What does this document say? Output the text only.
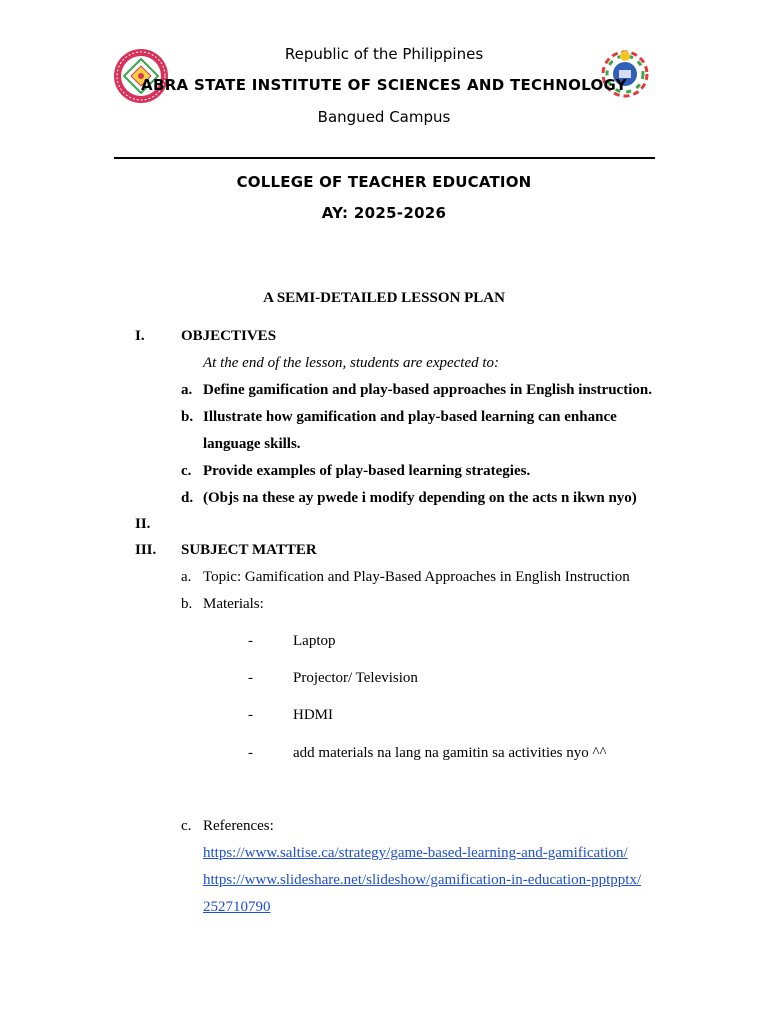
Republic of the Philippines
ABRA STATE INSTITUTE OF SCIENCES AND TECHNOLOGY
Bangued Campus
COLLEGE OF TEACHER EDUCATION
AY: 2025-2026
A SEMI-DETAILED LESSON PLAN
I. OBJECTIVES
At the end of the lesson, students are expected to:
a. Define gamification and play-based approaches in English instruction.
b. Illustrate how gamification and play-based learning can enhance
language skills.
c. Provide examples of play-based learning strategies.
d. (Objs na these ay pwede i modify depending on the acts n ikwn nyo)
II.
III. SUBJECT MATTER
a. Topic: Gamification and Play-Based Approaches in English Instruction
b. Materials:
-	Laptop
-	Projector/ Television
-	HDMI
-	add materials na lang na gamitin sa activities nyo ^^
c. References:
https://www.saltise.ca/strategy/game-based-learning-and-gamification/
https://www.slideshare.net/slideshow/gamification-in-education-pptpptx/
252710790
